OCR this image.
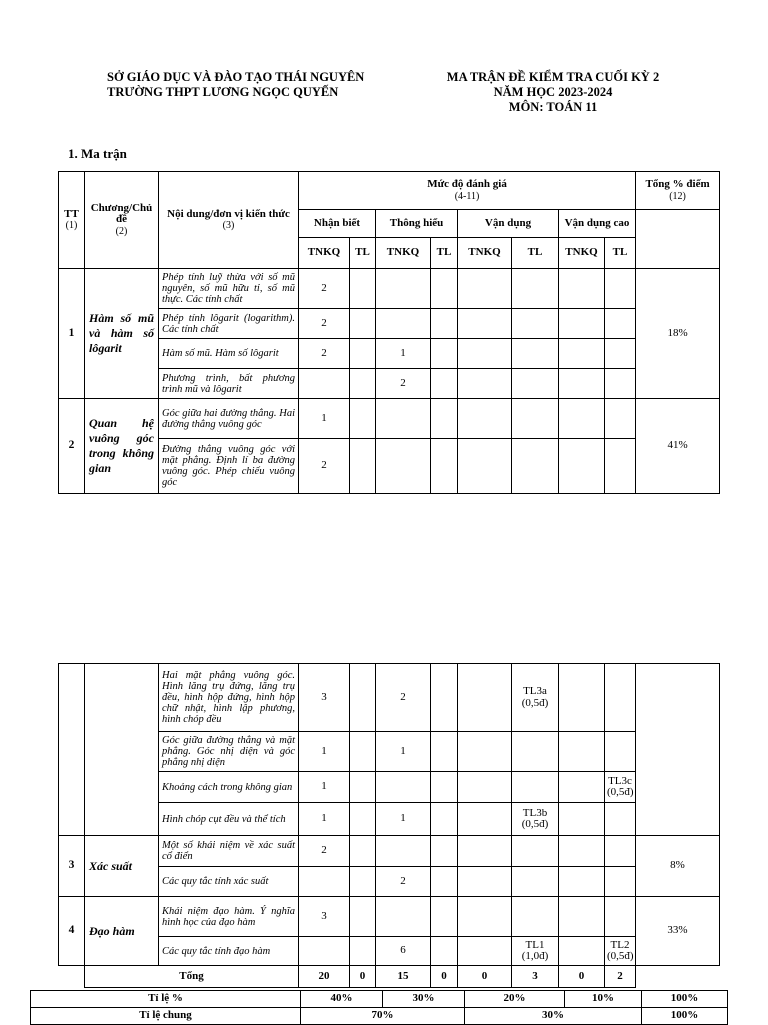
SỞ GIÁO DỤC VÀ ĐÀO TẠO THÁI NGUYÊN
TRƯỜNG THPT LƯƠNG NGỌC QUYẾN
MA TRẬN ĐỀ KIỂM TRA CUỐI KỲ 2
NĂM HỌC 2023-2024
MÔN: TOÁN 11
1. Ma trận
TT
(1)	Chương/Chủ đề
(2)	Nội dung/đơn vị kiến thức
(3)	Mức độ đánh giá
(4-11)								Tổng % điểm
(12)
			Nhận biết		Thông hiểu		Vận dụng		Vận dụng cao		
			TNKQ	TL	TNKQ	TL	TNKQ	TL	TNKQ	TL	
1	Hàm số mũ và hàm số lôgarit	Phép tính luỹ thừa với số mũ nguyên, số mũ hữu tỉ, số mũ thực. Các tính chất	2								18%
		Phép tính lôgarit (logarithm). Các tính chất	2								
		Hàm số mũ. Hàm số lôgarit	2		1						
		Phương trình, bất phương trình mũ và lôgarit			2						
2	Quan hệ vuông góc trong không gian	Góc giữa hai đường thẳng. Hai đường thẳng vuông góc	1								41%
		Đường thẳng vuông góc với mặt phẳng. Định lí ba đường vuông góc. Phép chiếu vuông góc	2								
		Hai mặt phẳng vuông góc. Hình lăng trụ đứng, lăng trụ đều, hình hộp đứng, hình hộp chữ nhật, hình lập phương, hình chóp đều	3		2			TL3a (0,5đ)			
		Góc giữa đường thẳng và mặt phẳng. Góc nhị diện và góc phẳng nhị diện	1		1						
		Khoảng cách trong không gian	1							TL3c (0,5đ)	
		Hình chóp cụt đều và thể tích	1		1			TL3b (0,5đ)			
3	Xác suất	Một số khái niệm về xác suất cổ điển	2								8%
		Các quy tắc tính xác suất			2						
4	Đạo hàm	Khái niệm đạo hàm. Ý nghĩa hình học của đạo hàm	3								33%
		Các quy tắc tính đạo hàm			6			TL1 (1,0đ)		TL2 (0,5đ)	
	Tổng		20	0	15	0	0	3	0	2	
Tỉ lệ %	40%	30%	20%	10%	100%
Tỉ lệ chung	70%		30%		100%
